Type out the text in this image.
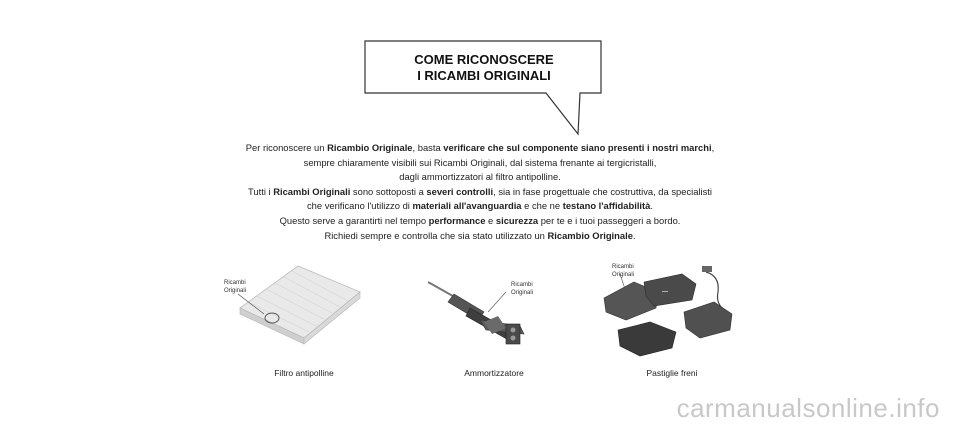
COME RICONOSCERE
I RICAMBI ORIGINALI

Per riconoscere un Ricambio Originale, basta verificare che sul componente siano presenti i nostri marchi,

sempre chiaramente visibili sui Ricambi Originali, dal sistema frenante ai tergicristalli,

dagli ammortizzatori al filtro antipolline.

Tutti i Ricambi Originali sono sottoposti a severi controlli, sia in fase progettuale che costruttiva, da specialisti

che verificano l'utilizzo di materiali all'avanguardia e che ne testano l'affidabilità.

Questo serve a garantirti nel tempo performance e sicurezza per te e i tuoi passeggeri a bordo.

Richiedi sempre e controlla che sia stato utilizzato un Ricambio Originale.

Ricambi
Originali
Filtro antipolline
Ricambi
Originali
Ammortizzatore
▬▬
Ricambi
Originali
Pastiglie freni
carmanualsonline.info
